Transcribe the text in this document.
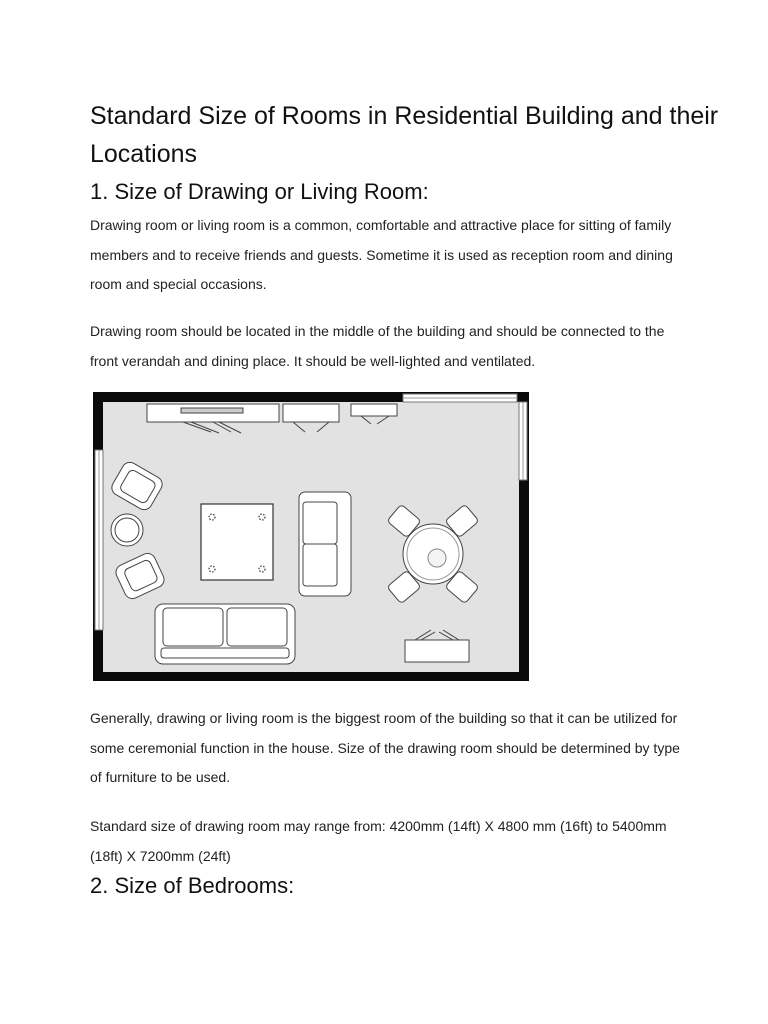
Standard Size of Rooms in Residential Building and their Locations
1. Size of Drawing or Living Room:

Drawing room or living room is a common, comfortable and attractive place for sitting of family members and to receive friends and guests. Sometime it is used as reception room and dining room and special occasions.

Drawing room should be located in the middle of the building and should be connected to the front verandah and dining place. It should be well-lighted and ventilated.

Generally, drawing or living room is the biggest room of the building so that it can be utilized for some ceremonial function in the house. Size of the drawing room should be determined by type of furniture to be used.

Standard size of drawing room may range from: 4200mm (14ft) X 4800 mm (16ft) to 5400mm (18ft) X 7200mm (24ft)

2. Size of Bedrooms:
